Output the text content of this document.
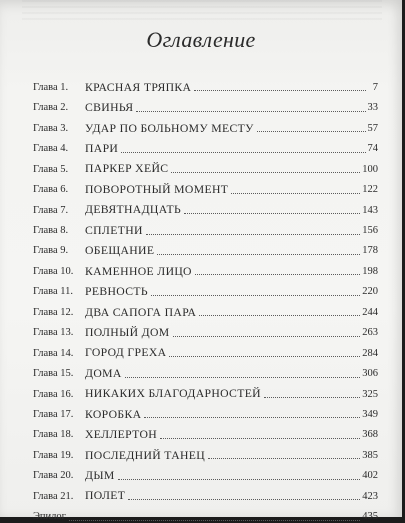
Оглавление
Глава 1.	КРАСНАЯ ТРЯПКА	7
Глава 2.	СВИНЬЯ	33
Глава 3.	УДАР ПО БОЛЬНОМУ МЕСТУ	57
Глава 4.	ПАРИ	74
Глава 5.	ПАРКЕР ХЕЙС	100
Глава 6.	ПОВОРОТНЫЙ МОМЕНТ	122
Глава 7.	ДЕВЯТНАДЦАТЬ	143
Глава 8.	СПЛЕТНИ	156
Глава 9.	ОБЕЩАНИЕ	178
Глава 10. КАМЕННОЕ ЛИЦО	198
Глава 11.	РЕВНОСТЬ	220
Глава 12. ДВА САПОГА ПАРА	244
Глава 13. ПОЛНЫЙ ДОМ	263
Глава 14. ГОРОД ГРЕХА	284
Глава 15. ДОМА	306
Глава 16. НИКАКИХ БЛАГОДАРНОСТЕЙ	325
Глава 17. КОРОБКА	349
Глава 18. ХЕЛЛЕРТОН	368
Глава 19. ПОСЛЕДНИЙ ТАНЕЦ	385
Глава 20. ДЫМ	402
Глава 21. ПОЛЕТ	423
Эпилог	435
